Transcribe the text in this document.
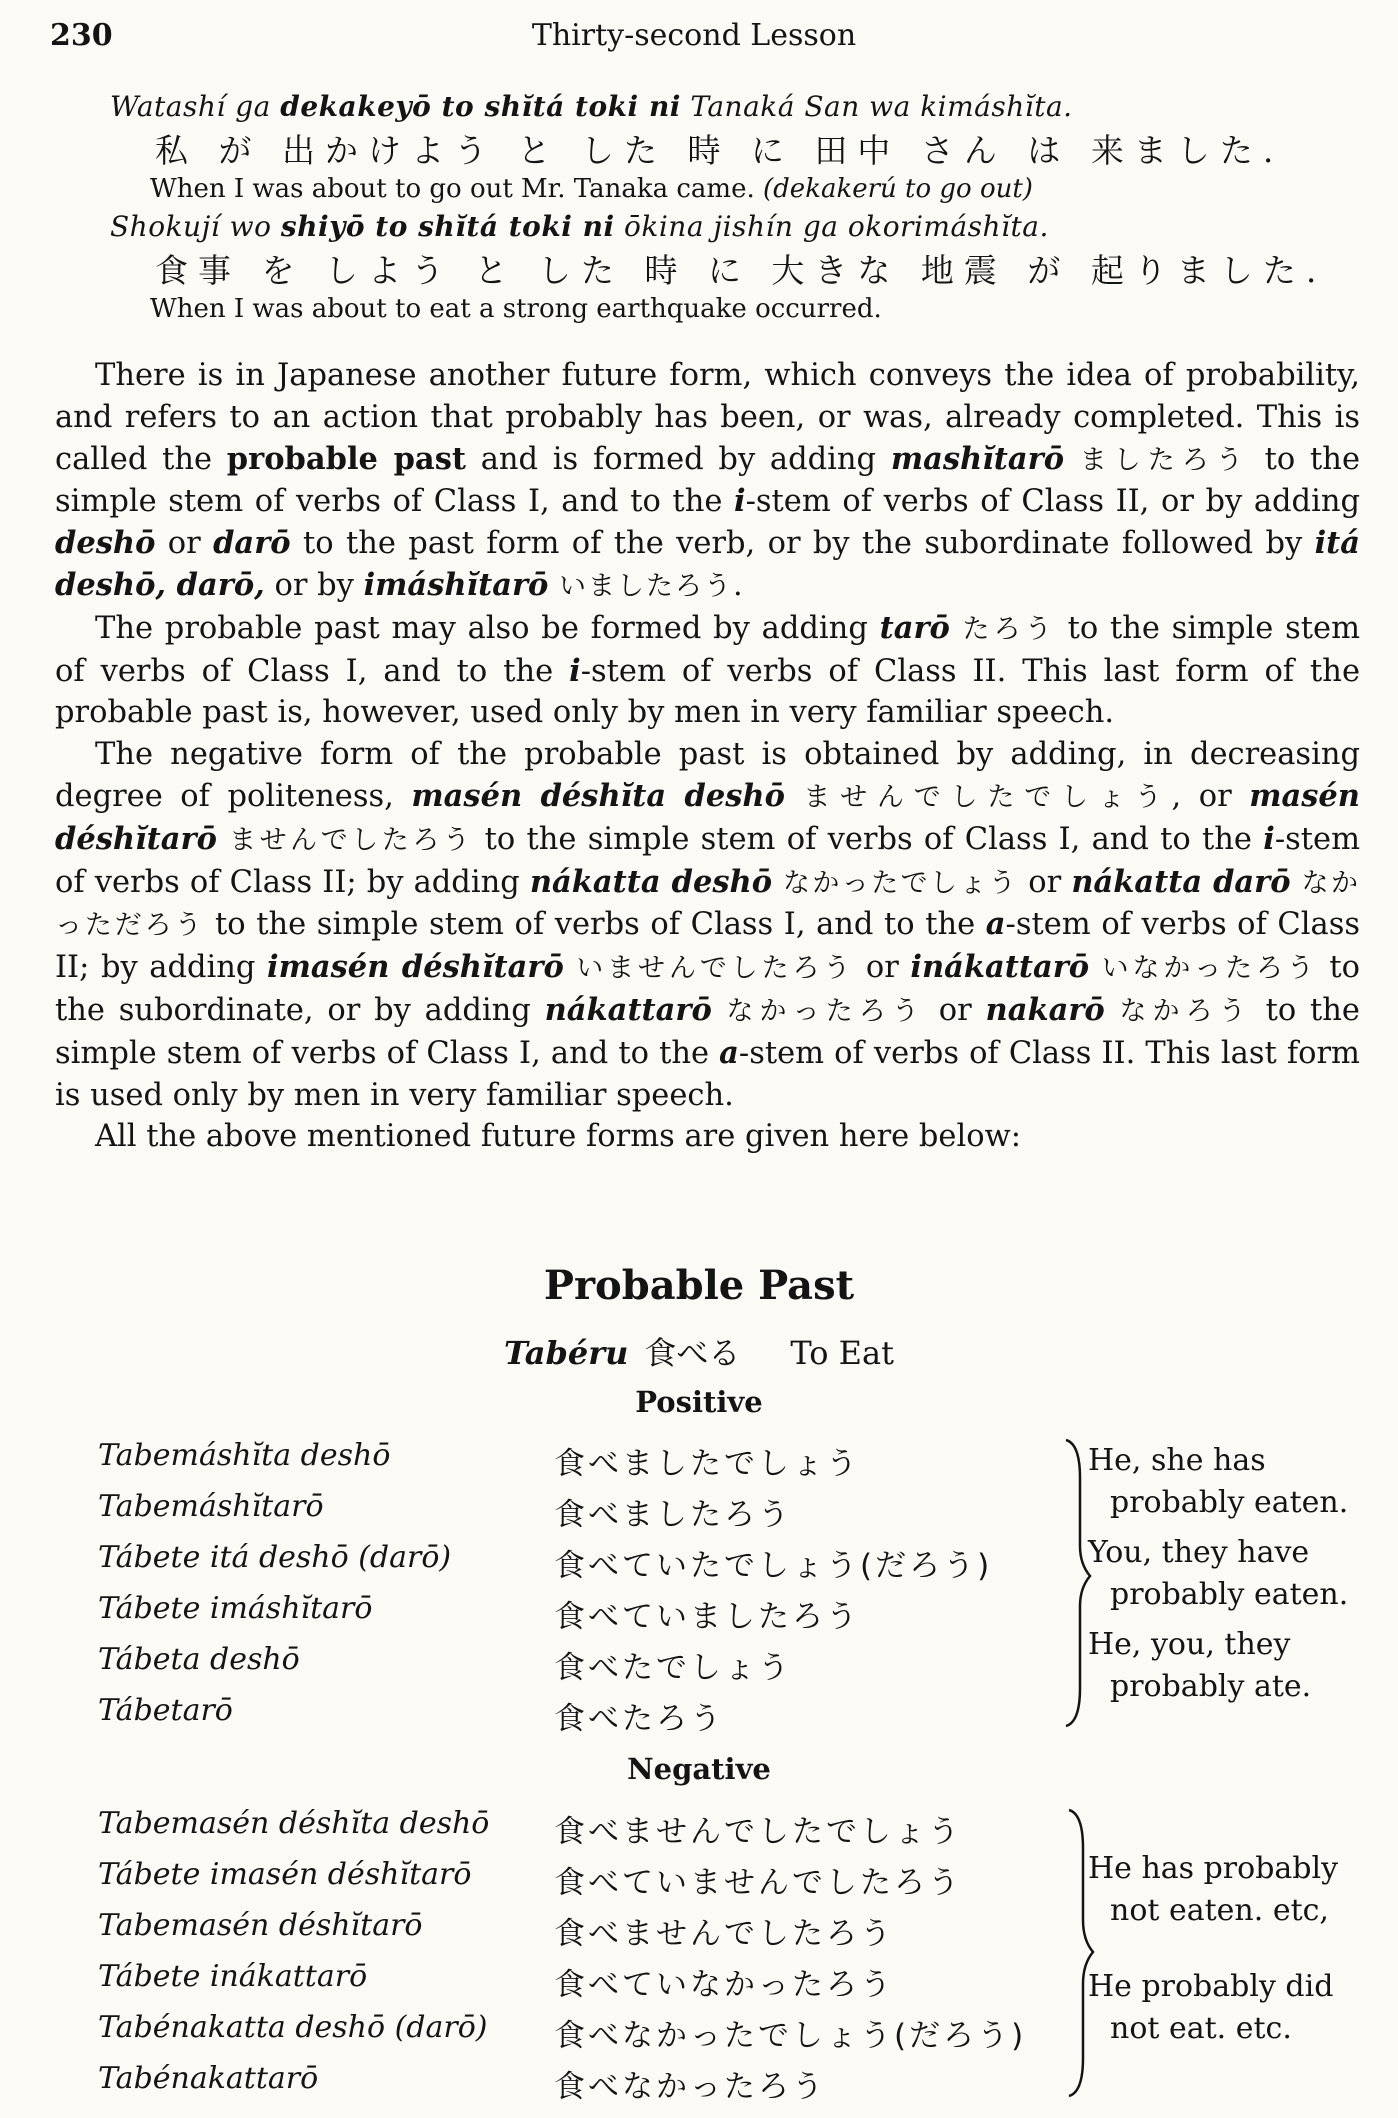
230	Thirty-second Lesson
Watashí ga dekakeyō to shĭtá toki ni Tanaká San wa kimáshĭta.
私 が 出かけよう と した 時 に 田中 さん は 来ました.
When I was about to go out Mr. Tanaka came. (dekakerú to go out)
Shokují wo shiyō to shĭtá toki ni ōkina jishín ga okorimáshĭta.
食事 を しよう と した 時 に 大きな 地震 が 起りました.
When I was about to eat a strong earthquake occurred.

There is in Japanese another future form, which conveys the idea of probability, and refers to an action that probably has been, or was, already completed. This is called the probable past and is formed by adding mashĭtarō ましたろう to the simple stem of verbs of Class I, and to the i-stem of verbs of Class II, or by adding deshō or darō to the past form of the verb, or by the subordinate followed by itá deshō, darō, or by imáshĭtarō いましたろう.

The probable past may also be formed by adding tarō たろう to the simple stem of verbs of Class I, and to the i-stem of verbs of Class II. This last form of the probable past is, however, used only by men in very familiar speech.

The negative form of the probable past is obtained by adding, in decreasing degree of politeness, masén déshĭta deshō ませんでしたでしょう, or masén déshĭtarō ませんでしたろう to the simple stem of verbs of Class I, and to the i-stem of verbs of Class II; by adding nákatta deshō なかったでしょう or nákatta darō なかっただろう to the simple stem of verbs of Class I, and to the a-stem of verbs of Class II; by adding imasén déshĭtarō いませんでしたろう or inákattarō いなかったろう to the subordinate, or by adding nákattarō なかったろう or nakarō なかろう to the simple stem of verbs of Class I, and to the a-stem of verbs of Class II. This last form is used only by men in very familiar speech.

All the above mentioned future forms are given here below:

Probable Past
Tabéru 食べる To Eat
Positive
Tabemáshĭta deshō	食べましたでしょう
Tabemáshĭtarō	食べましたろう
Tábete itá deshō (darō)	食べていたでしょう(だろう)
Tábete imáshĭtarō	食べていましたろう
Tábeta deshō	食べたでしょう
Tábetarō	食べたろう
He, she has
probably eaten.
You, they have
probably eaten.
He, you, they
probably ate.
Negative
Tabemasén déshĭta deshō 食べませんでしたでしょう
Tábete imasén déshĭtarō	食べていませんでしたろう
Tabemasén déshĭtarō	食べませんでしたろう
Tábete inákattarō	食べていなかったろう
Tabénakatta deshō (darō) 食べなかったでしょう(だろう)
Tabénakattarō	食べなかったろう
He has probably
not eaten. etc,
He probably did
not eat. etc.
